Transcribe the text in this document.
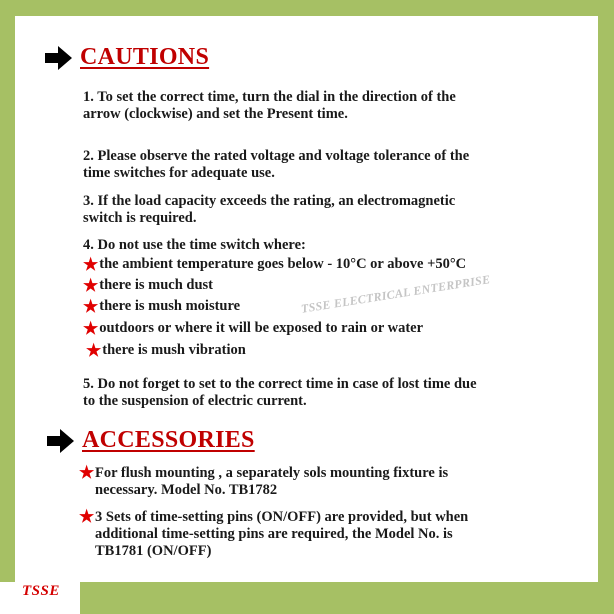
TSSE
CAUTIONS
1. To set the correct time, turn the dial in the direction of the
arrow (clockwise) and set the Present time.
2. Please observe the rated voltage and voltage tolerance of the
time switches for adequate use.
3. If the load capacity exceeds the rating, an electromagnetic
switch is required.
4. Do not use the time switch where:
★ the ambient temperature goes below - 10°C or above +50°C
★ there is much dust
★ there is mush moisture
★ outdoors or where it will be exposed to rain or water
★ there is mush vibration
5. Do not forget to set to the correct time in case of lost time due
to the suspension of electric current.
TSSE ELECTRICAL ENTERPRISE
ACCESSORIES
★ For flush mounting , a separately sols mounting fixture is
necessary. Model No. TB1782
★ 3 Sets of time-setting pins (ON/OFF) are provided, but when
additional time-setting pins are required, the Model No. is
TB1781 (ON/OFF)
